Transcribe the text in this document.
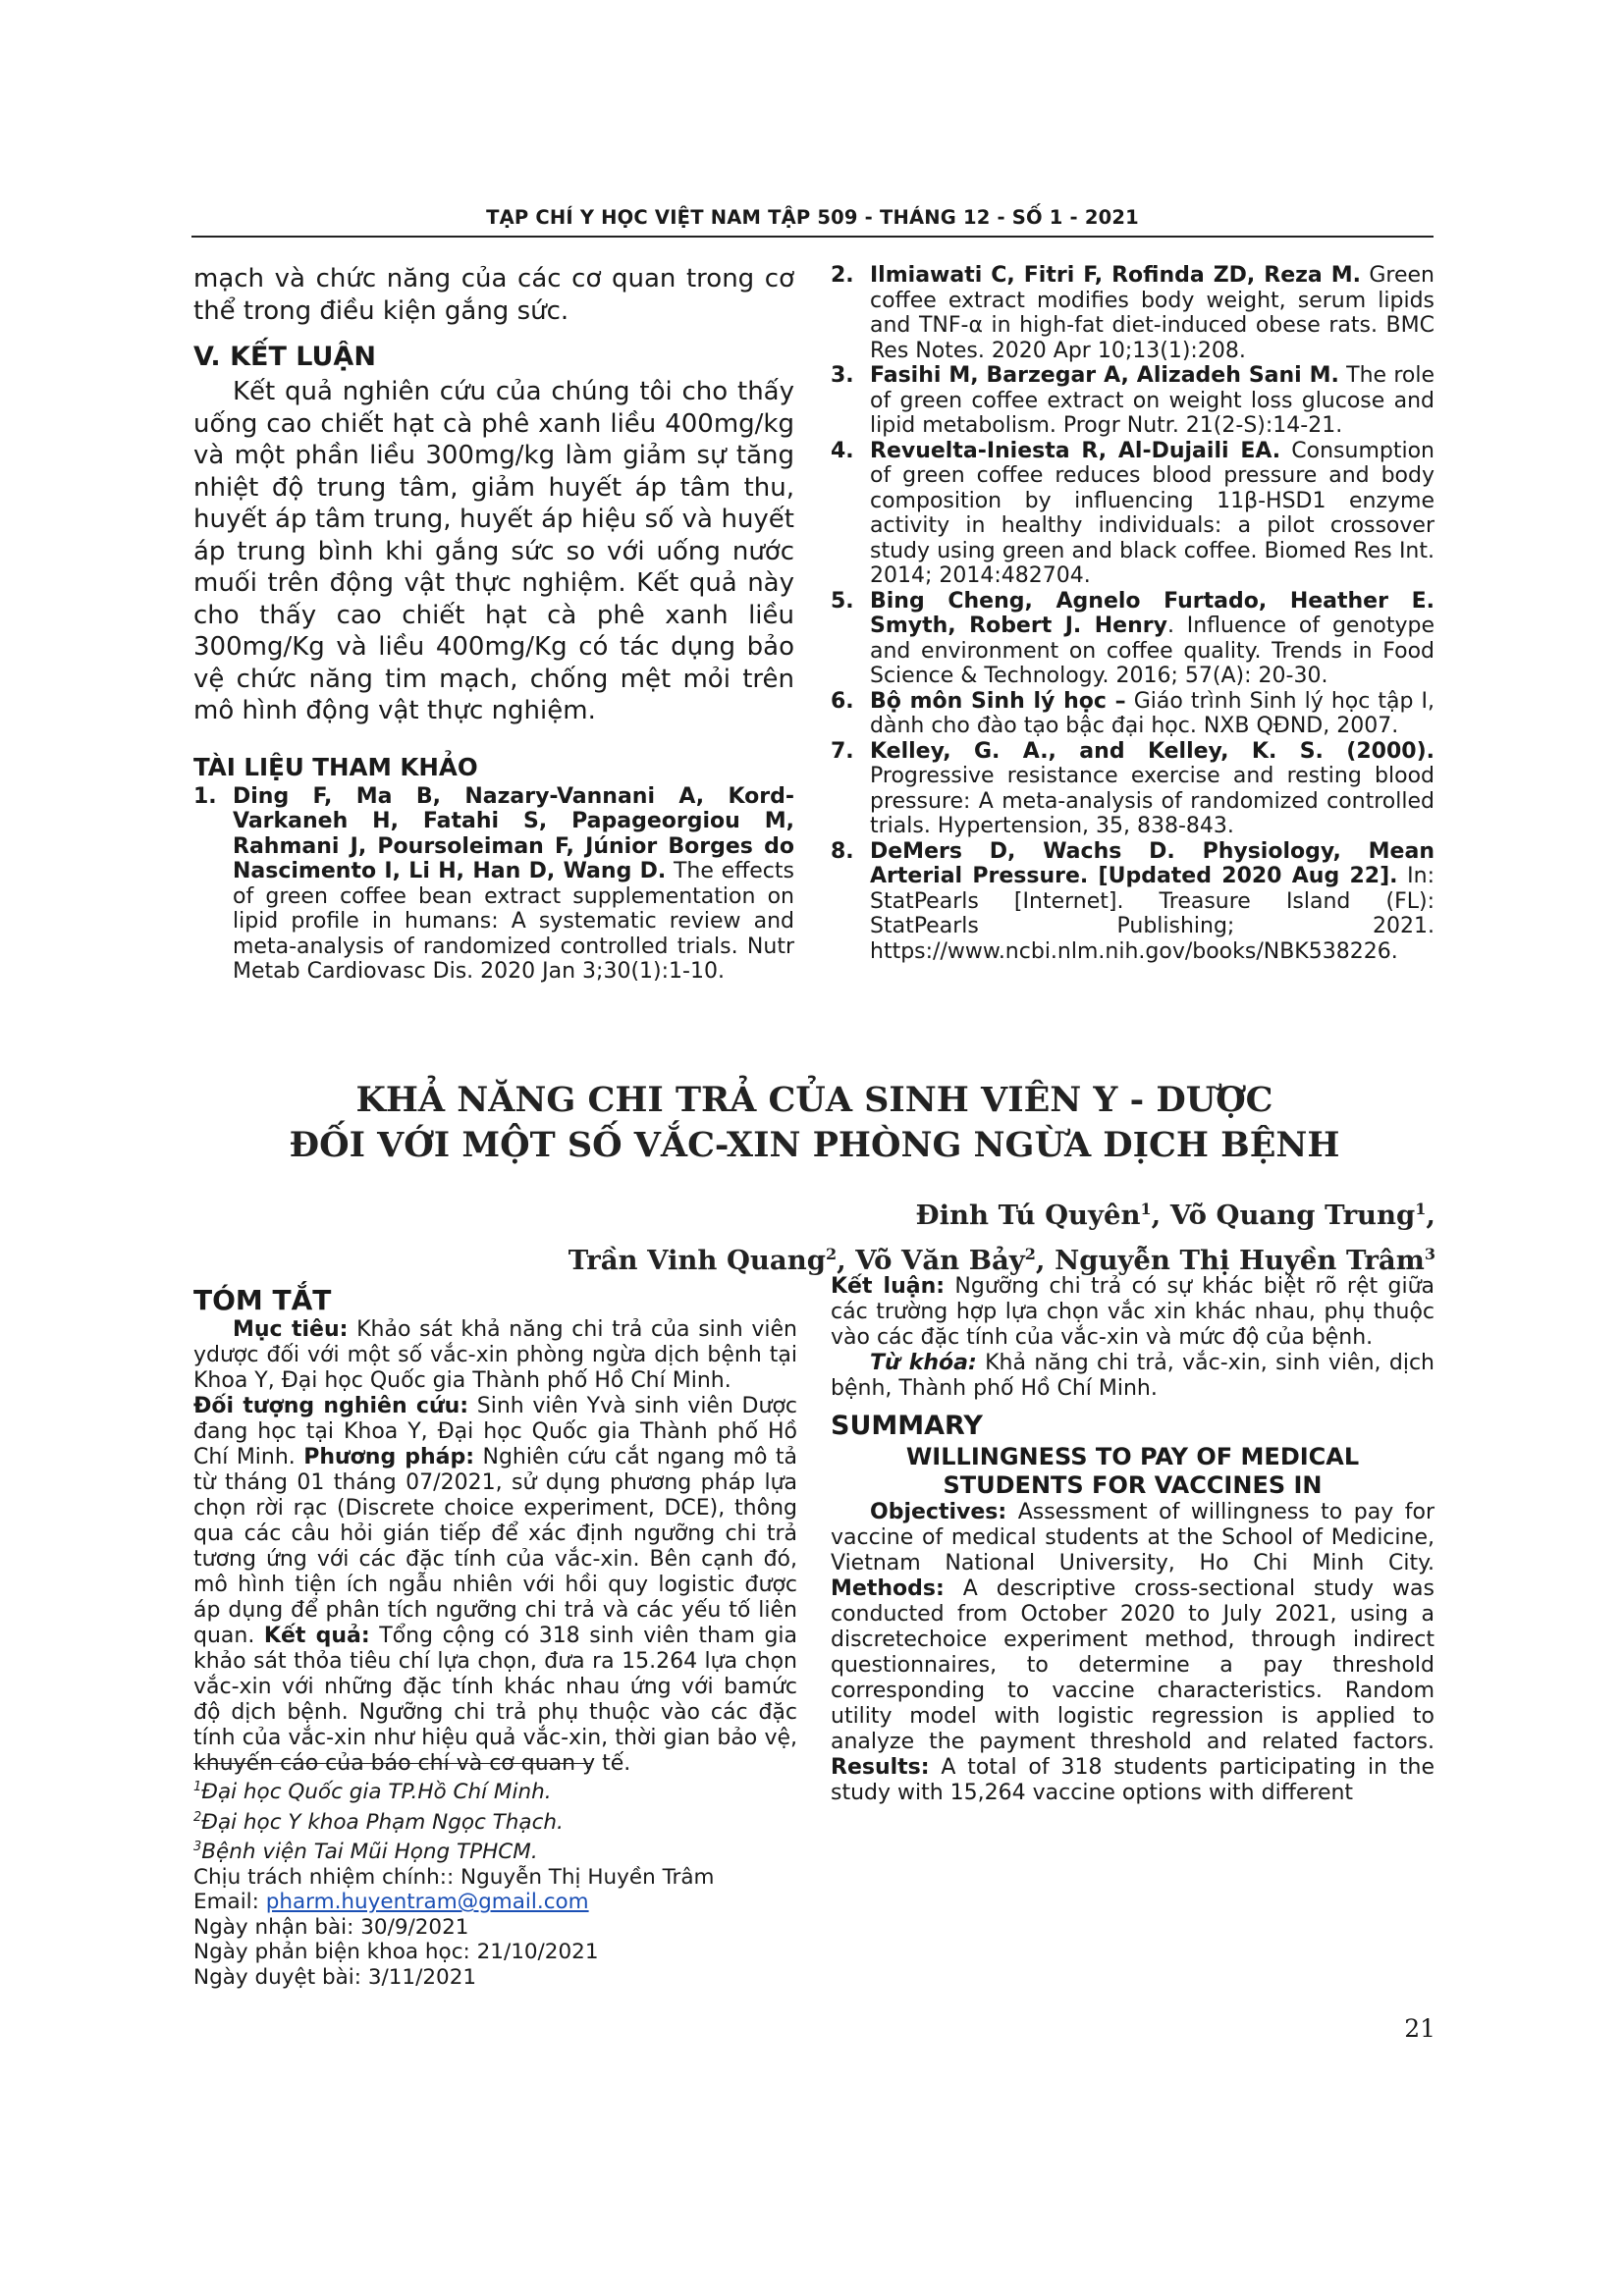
TẠP CHÍ Y HỌC VIỆT NAM TẬP 509 - THÁNG 12 - SỐ 1 - 2021

mạch và chức năng của các cơ quan trong cơ thể trong điều kiện gắng sức.

V. KẾT LUẬN

Kết quả nghiên cứu của chúng tôi cho thấy uống cao chiết hạt cà phê xanh liều 400mg/kg và một phần liều 300mg/kg làm giảm sự tăng nhiệt độ trung tâm, giảm huyết áp tâm thu, huyết áp tâm trung, huyết áp hiệu số và huyết áp trung bình khi gắng sức so với uống nước muối trên động vật thực nghiệm. Kết quả này cho thấy cao chiết hạt cà phê xanh liều 300mg/Kg và liều 400mg/Kg có tác dụng bảo vệ chức năng tim mạch, chống mệt mỏi trên mô hình động vật thực nghiệm.

TÀI LIỆU THAM KHẢO

1. Ding F, Ma B, Nazary-Vannani A, Kord-Varkaneh H, Fatahi S, Papageorgiou M, Rahmani J, Poursoleiman F, Júnior Borges do Nascimento I, Li H, Han D, Wang D. The effects of green coffee bean extract supplementation on lipid profile in humans: A systematic review and meta-analysis of randomized controlled trials. Nutr Metab Cardiovasc Dis. 2020 Jan 3;30(1):1-10.
2. Ilmiawati C, Fitri F, Rofinda ZD, Reza M. Green coffee extract modifies body weight, serum lipids and TNF-α in high-fat diet-induced obese rats. BMC Res Notes. 2020 Apr 10;13(1):208.
3. Fasihi M, Barzegar A, Alizadeh Sani M. The role of green coffee extract on weight loss glucose and lipid metabolism. Progr Nutr. 21(2-S):14-21.
4. Revuelta-Iniesta R, Al-Dujaili EA. Consumption of green coffee reduces blood pressure and body composition by influencing 11β-HSD1 enzyme activity in healthy individuals: a pilot crossover study using green and black coffee. Biomed Res Int. 2014; 2014:482704.
5. Bing Cheng, Agnelo Furtado, Heather E. Smyth, Robert J. Henry. Influence of genotype and environment on coffee quality. Trends in Food Science & Technology. 2016; 57(A): 20-30.
6. Bộ môn Sinh lý học – Giáo trình Sinh lý học tập I, dành cho đào tạo bậc đại học. NXB QĐND, 2007.
7. Kelley, G. A., and Kelley, K. S. (2000). Progressive resistance exercise and resting blood pressure: A meta-analysis of randomized controlled trials. Hypertension, 35, 838-843.
8. DeMers D, Wachs D. Physiology, Mean Arterial Pressure. [Updated 2020 Aug 22]. In: StatPearls [Internet]. Treasure Island (FL): StatPearls Publishing; 2021. https://www.ncbi.nlm.nih.gov/books/NBK538226.
KHẢ NĂNG CHI TRẢ CỦA SINH VIÊN Y - DƯỢC
ĐỐI VỚI MỘT SỐ VẮC-XIN PHÒNG NGỪA DỊCH BỆNH
Đinh Tú Quyên$^1$, Võ Quang Trung$^1$,
Trần Vinh Quang$^2$, Võ Văn Bảy$^2$, Nguyễn Thị Huyền Trâm$^3$

TÓM TẮT

Mục tiêu: Khảo sát khả năng chi trả của sinh viên ydược đối với một số vắc-xin phòng ngừa dịch bệnh tại Khoa Y, Đại học Quốc gia Thành phố Hồ Chí Minh.

Đối tượng nghiên cứu: Sinh viên Yvà sinh viên Dược đang học tại Khoa Y, Đại học Quốc gia Thành phố Hồ Chí Minh. Phương pháp: Nghiên cứu cắt ngang mô tả từ tháng 01 tháng 07/2021, sử dụng phương pháp lựa chọn rời rạc (Discrete choice experiment, DCE), thông qua các câu hỏi gián tiếp để xác định ngưỡng chi trả tương ứng với các đặc tính của vắc-xin. Bên cạnh đó, mô hình tiện ích ngẫu nhiên với hồi quy logistic được áp dụng để phân tích ngưỡng chi trả và các yếu tố liên quan. Kết quả: Tổng cộng có 318 sinh viên tham gia khảo sát thỏa tiêu chí lựa chọn, đưa ra 15.264 lựa chọn vắc-xin với những đặc tính khác nhau ứng với bamức độ dịch bệnh. Ngưỡng chi trả phụ thuộc vào các đặc tính của vắc-xin như hiệu quả vắc-xin, thời gian bảo vệ, khuyến cáo của báo chí và cơ quan y tế.

Kết luận: Ngưỡng chi trả có sự khác biệt rõ rệt giữa các trường hợp lựa chọn vắc xin khác nhau, phụ thuộc vào các đặc tính của vắc-xin và mức độ của bệnh.

Từ khóa: Khả năng chi trả, vắc-xin, sinh viên, dịch bệnh, Thành phố Hồ Chí Minh.

SUMMARY

WILLINGNESS TO PAY OF MEDICAL STUDENTS FOR VACCINES IN

Objectives: Assessment of willingness to pay for vaccine of medical students at the School of Medicine, Vietnam National University, Ho Chi Minh City. Methods: A descriptive cross-sectional study was conducted from October 2020 to July 2021, using a discretechoice experiment method, through indirect questionnaires, to determine a pay threshold corresponding to vaccine characteristics. Random utility model with logistic regression is applied to analyze the payment threshold and related factors. Results: A total of 318 students participating in the study with 15,264 vaccine options with different

$^1$Đại học Quốc gia TP.Hồ Chí Minh.

$^2$Đại học Y khoa Phạm Ngọc Thạch.

$^3$Bệnh viện Tai Mũi Họng TPHCM.

Chịu trách nhiệm chính:: Nguyễn Thị Huyền Trâm

Email: pharm.huyentram@gmail.com

Ngày nhận bài: 30/9/2021

Ngày phản biện khoa học: 21/10/2021

Ngày duyệt bài: 3/11/2021

21
